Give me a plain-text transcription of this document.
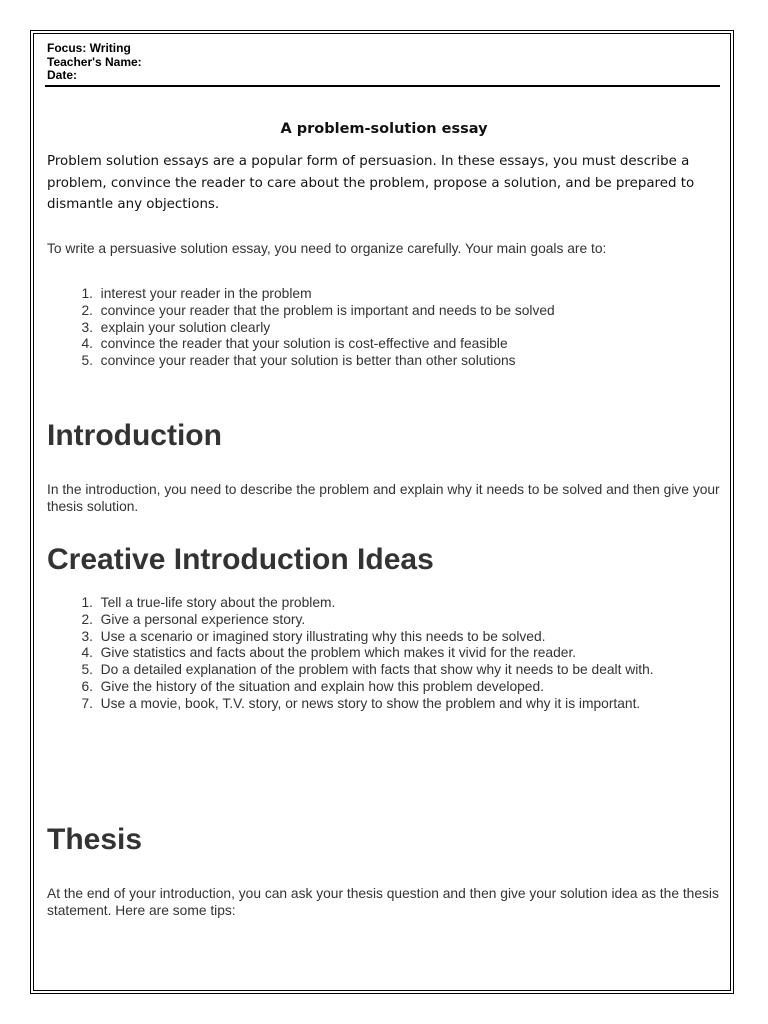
Focus: Writing
Teacher's Name:
Date:
A problem-solution essay

Problem solution essays are a popular form of persuasion. In these essays, you must describe a problem, convince the reader to care about the problem, propose a solution, and be prepared to dismantle any objections.

To write a persuasive solution essay, you need to organize carefully. Your main goals are to:

1.
interest your reader in the problem
2.
convince your reader that the problem is important and needs to be solved
3.
explain your solution clearly
4.
convince the reader that your solution is cost-effective and feasible
5.
convince your reader that your solution is better than other solutions
Introduction

In the introduction, you need to describe the problem and explain why it needs to be solved and then give your thesis solution.

Creative Introduction Ideas
1.
Tell a true-life story about the problem.
2.
Give a personal experience story.
3.
Use a scenario or imagined story illustrating why this needs to be solved.
4.
Give statistics and facts about the problem which makes it vivid for the reader.
5.
Do a detailed explanation of the problem with facts that show why it needs to be dealt with.
6.
Give the history of the situation and explain how this problem developed.
7.
Use a movie, book, T.V. story, or news story to show the problem and why it is important.
Thesis

At the end of your introduction, you can ask your thesis question and then give your solution idea as the thesis statement. Here are some tips:
